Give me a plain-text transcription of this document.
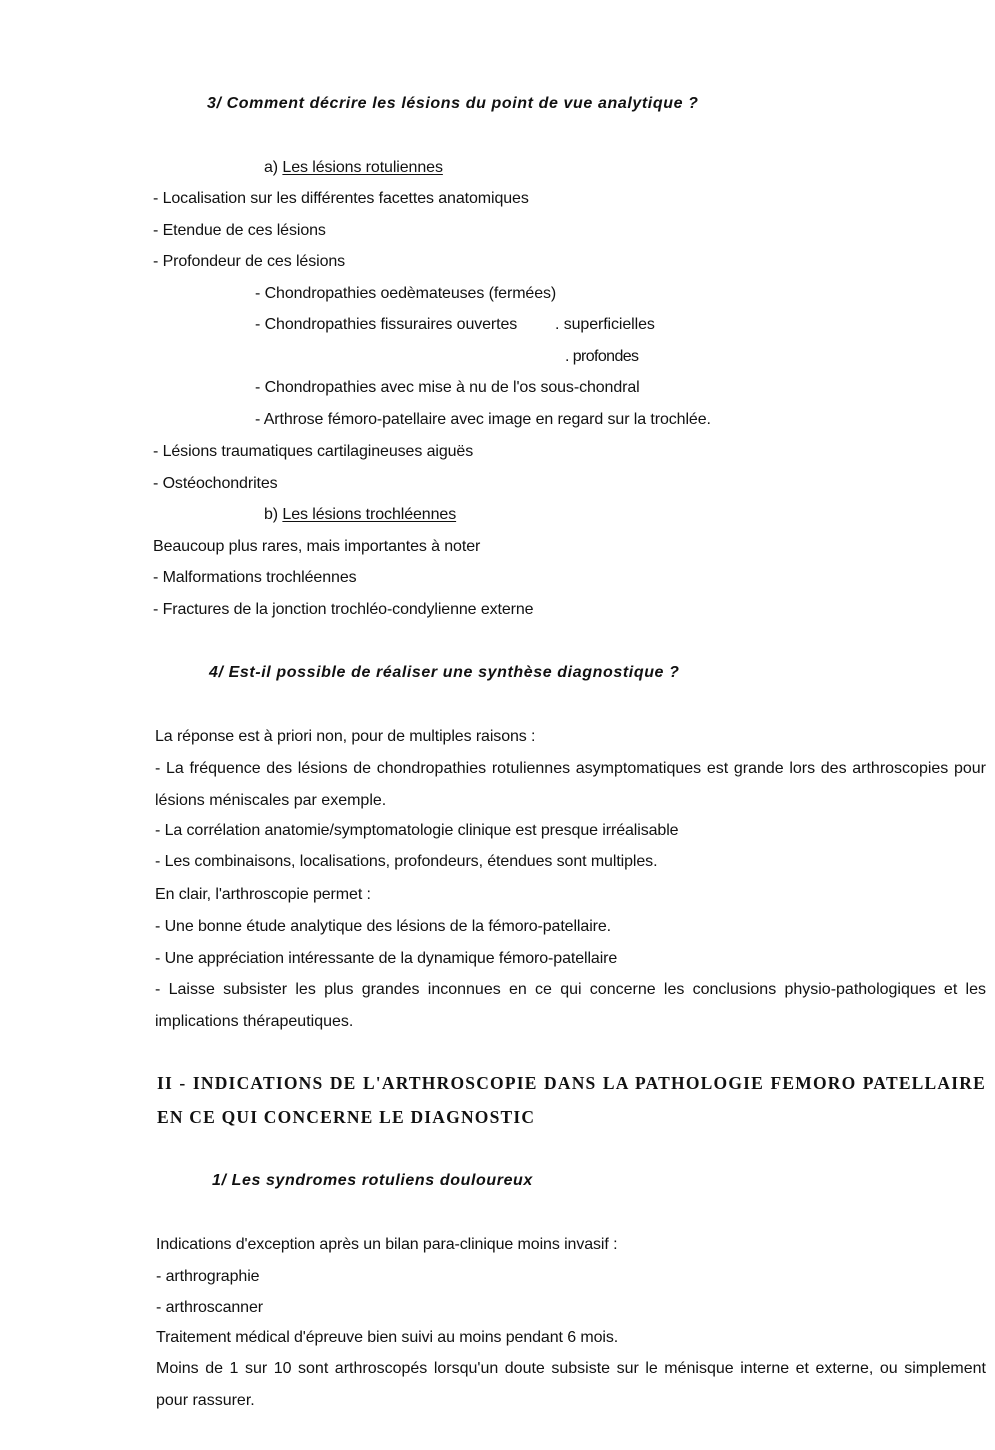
3/ Comment décrire les lésions du point de vue analytique ?
a) Les lésions rotuliennes
- Localisation sur les différentes facettes anatomiques
- Etendue de ces lésions
- Profondeur de ces lésions
- Chondropathies oedèmateuses (fermées)
- Chondropathies fissuraires ouvertes . superficielles
. profondes
- Chondropathies avec mise à nu de l'os sous-chondral
- Arthrose fémoro-patellaire avec image en regard sur la trochlée.
- Lésions traumatiques cartilagineuses aiguës
- Ostéochondrites
b) Les lésions trochléennes
Beaucoup plus rares, mais importantes à noter
- Malformations trochléennes
- Fractures de la jonction trochléo-condylienne externe
4/ Est-il possible de réaliser une synthèse diagnostique ?
La réponse est à priori non, pour de multiples raisons :
- La fréquence des lésions de chondropathies rotuliennes asymptomatiques est grande lors des arthroscopies pour lésions méniscales par exemple.
- La corrélation anatomie/symptomatologie clinique est presque irréalisable
- Les combinaisons, localisations, profondeurs, étendues sont multiples.
En clair, l'arthroscopie permet :
- Une bonne étude analytique des lésions de la fémoro-patellaire.
- Une appréciation intéressante de la dynamique fémoro-patellaire
- Laisse subsister les plus grandes inconnues en ce qui concerne les conclusions physio-pathologiques et les implications thérapeutiques.
II - INDICATIONS DE L'ARTHROSCOPIE DANS LA PATHOLOGIE FEMORO PATELLAIRE EN CE QUI CONCERNE LE DIAGNOSTIC
1/ Les syndromes rotuliens douloureux
Indications d'exception après un bilan para-clinique moins invasif :
- arthrographie
- arthroscanner
Traitement médical d'épreuve bien suivi au moins pendant 6 mois.
Moins de 1 sur 10 sont arthroscopés lorsqu'un doute subsiste sur le ménisque interne et externe, ou simplement pour rassurer.
